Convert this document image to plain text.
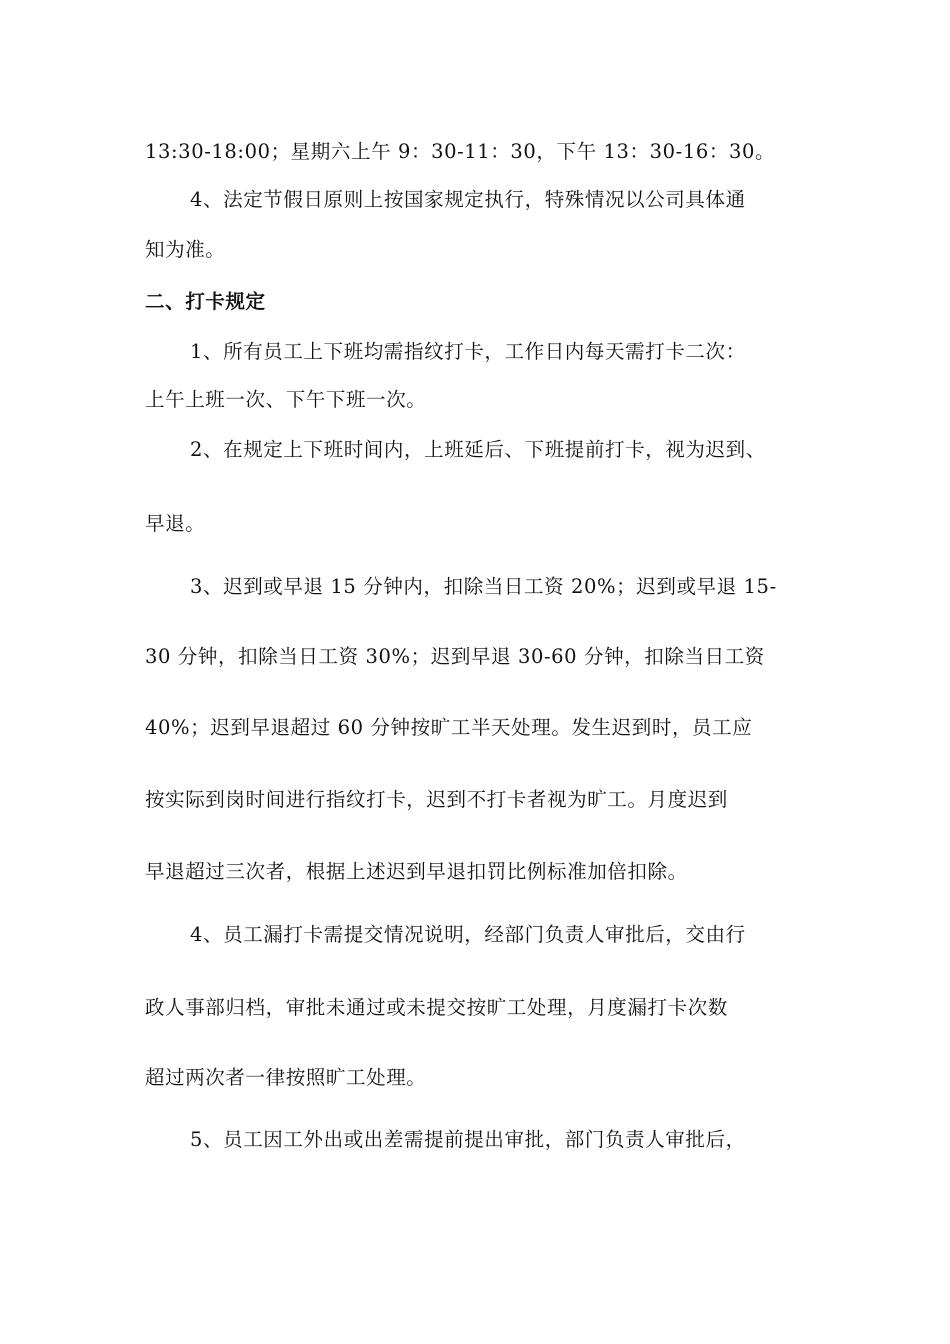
13:30-18:00；星期六上午 9：30-11：30，下午 13：30-16：30。
4、法定节假日原则上按国家规定执行，特殊情况以公司具体通
知为准。
二、打卡规定
1、所有员工上下班均需指纹打卡，工作日内每天需打卡二次：
上午上班一次、下午下班一次。
2、在规定上下班时间内，上班延后、下班提前打卡，视为迟到、
早退。
3、迟到或早退 15 分钟内，扣除当日工资 20%；迟到或早退 15-
30 分钟，扣除当日工资 30%；迟到早退 30-60 分钟，扣除当日工资
40%；迟到早退超过 60 分钟按旷工半天处理。发生迟到时，员工应
按实际到岗时间进行指纹打卡，迟到不打卡者视为旷工。月度迟到
早退超过三次者，根据上述迟到早退扣罚比例标准加倍扣除。
4、员工漏打卡需提交情况说明，经部门负责人审批后，交由行
政人事部归档，审批未通过或未提交按旷工处理，月度漏打卡次数
超过两次者一律按照旷工处理。
5、员工因工外出或出差需提前提出审批，部门负责人审批后，
